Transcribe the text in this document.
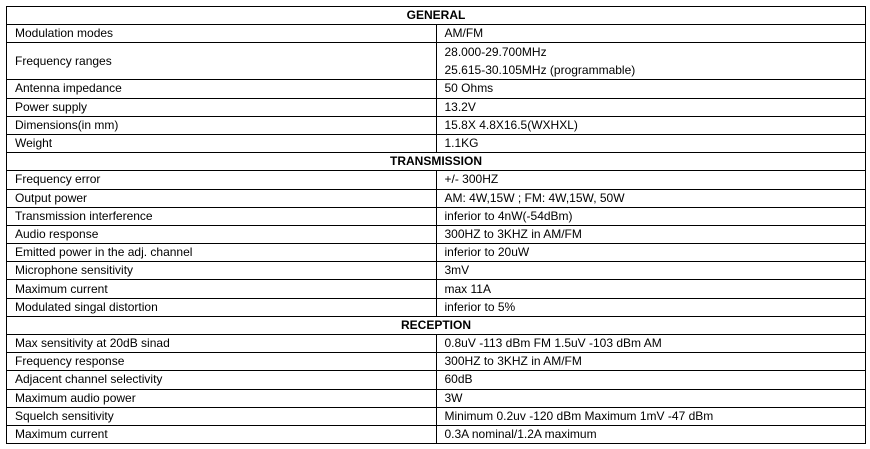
GENERAL	
Modulation modes	AM/FM
Frequency ranges	28.000-29.700MHz
25.615-30.105MHz (programmable)

Antenna impedance	50 Ohms
Power supply	13.2V
Dimensions(in mm)	15.8X 4.8X16.5(WXHXL)
Weight	1.1KG
TRANSMISSION	
Frequency error	+/- 300HZ
Output power	AM: 4W,15W ; FM: 4W,15W, 50W
Transmission interference	inferior to 4nW(-54dBm)
Audio response	300HZ to 3KHZ in AM/FM
Emitted power in the adj. channel	inferior to 20uW
Microphone sensitivity	3mV
Maximum current	max 11A
Modulated singal distortion	inferior to 5%
RECEPTION	
Max sensitivity at 20dB sinad	0.8uV -113 dBm FM 1.5uV -103 dBm AM
Frequency response	300HZ to 3KHZ in AM/FM
Adjacent channel selectivity	60dB
Maximum audio power	3W
Squelch sensitivity	Minimum 0.2uv -120 dBm Maximum 1mV -47 dBm
Maximum current	0.3A nominal/1.2A maximum
